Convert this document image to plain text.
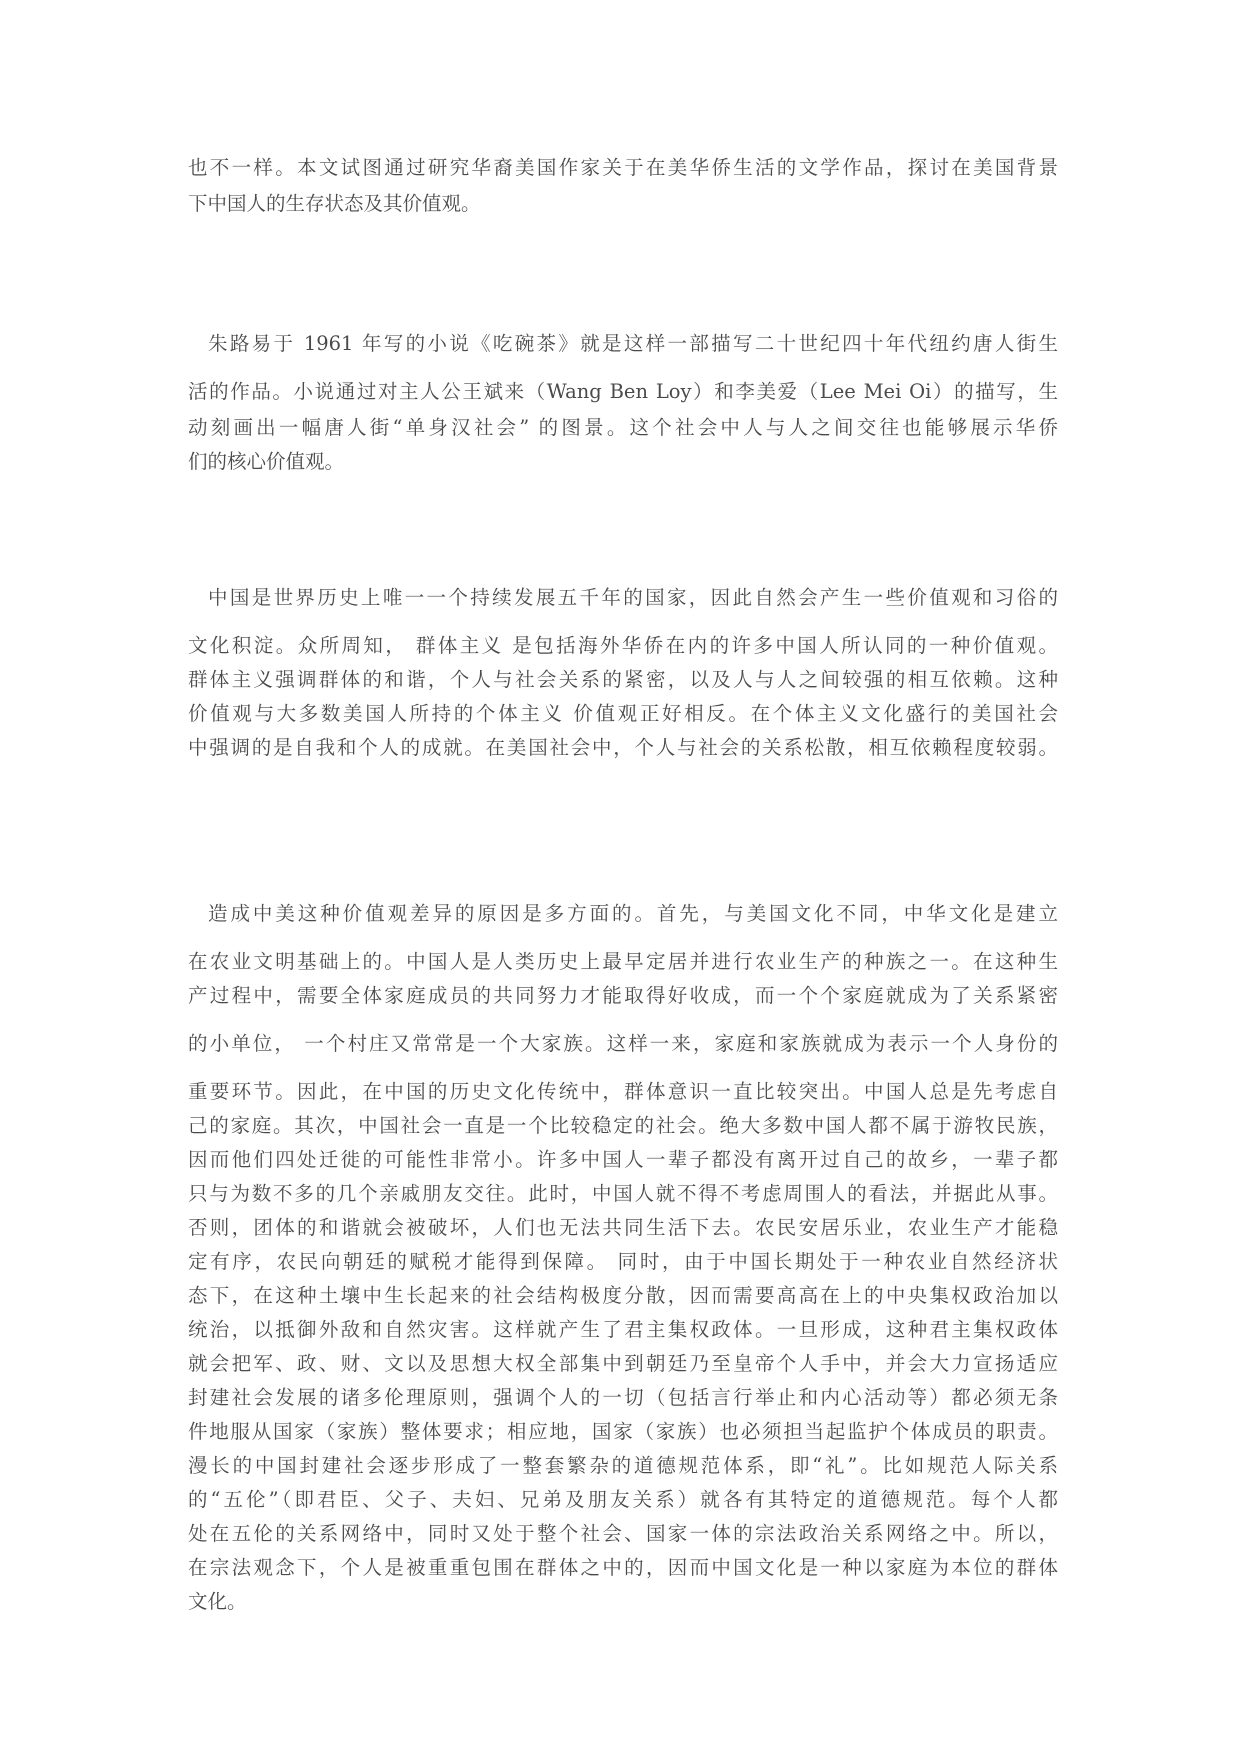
也不一样。本文试图通过研究华裔美国作家关于在美华侨生活的文学作品，探讨在美国背景
下中国人的生存状态及其价值观。
朱路易于 1961 年写的小说《吃碗茶》就是这样一部描写二十世纪四十年代纽约唐人街生
活的作品。小说通过对主人公王斌来（Wang Ben Loy）和李美爱（Lee Mei Oi）的描写，生
动刻画出一幅唐人街“单身汉社会” 的图景。这个社会中人与人之间交往也能够展示华侨
们的核心价值观。
中国是世界历史上唯一一个持续发展五千年的国家，因此自然会产生一些价值观和习俗的
文化积淀。众所周知， 群体主义 是包括海外华侨在内的许多中国人所认同的一种价值观。
群体主义强调群体的和谐，个人与社会关系的紧密，以及人与人之间较强的相互依赖。这种
价值观与大多数美国人所持的个体主义 价值观正好相反。在个体主义文化盛行的美国社会
中强调的是自我和个人的成就。在美国社会中，个人与社会的关系松散，相互依赖程度较弱。
造成中美这种价值观差异的原因是多方面的。首先，与美国文化不同，中华文化是建立
在农业文明基础上的。中国人是人类历史上最早定居并进行农业生产的种族之一。在这种生
产过程中，需要全体家庭成员的共同努力才能取得好收成，而一个个家庭就成为了关系紧密
的小单位， 一个村庄又常常是一个大家族。这样一来，家庭和家族就成为表示一个人身份的
重要环节。因此，在中国的历史文化传统中，群体意识一直比较突出。中国人总是先考虑自
己的家庭。其次，中国社会一直是一个比较稳定的社会。绝大多数中国人都不属于游牧民族，
因而他们四处迁徙的可能性非常小。许多中国人一辈子都没有离开过自己的故乡，一辈子都
只与为数不多的几个亲戚朋友交往。此时，中国人就不得不考虑周围人的看法，并据此从事。
否则，团体的和谐就会被破坏，人们也无法共同生活下去。农民安居乐业，农业生产才能稳
定有序，农民向朝廷的赋税才能得到保障。 同时，由于中国长期处于一种农业自然经济状
态下，在这种土壤中生长起来的社会结构极度分散，因而需要高高在上的中央集权政治加以
统治，以抵御外敌和自然灾害。这样就产生了君主集权政体。一旦形成，这种君主集权政体
就会把军、政、财、文以及思想大权全部集中到朝廷乃至皇帝个人手中，并会大力宣扬适应
封建社会发展的诸多伦理原则，强调个人的一切（包括言行举止和内心活动等）都必须无条
件地服从国家（家族）整体要求；相应地，国家（家族）也必须担当起监护个体成员的职责。
漫长的中国封建社会逐步形成了一整套繁杂的道德规范体系，即“礼”。比如规范人际关系
的“五伦”（即君臣、父子、夫妇、兄弟及朋友关系）就各有其特定的道德规范。每个人都
处在五伦的关系网络中，同时又处于整个社会、国家一体的宗法政治关系网络之中。所以，
在宗法观念下，个人是被重重包围在群体之中的，因而中国文化是一种以家庭为本位的群体
文化。
